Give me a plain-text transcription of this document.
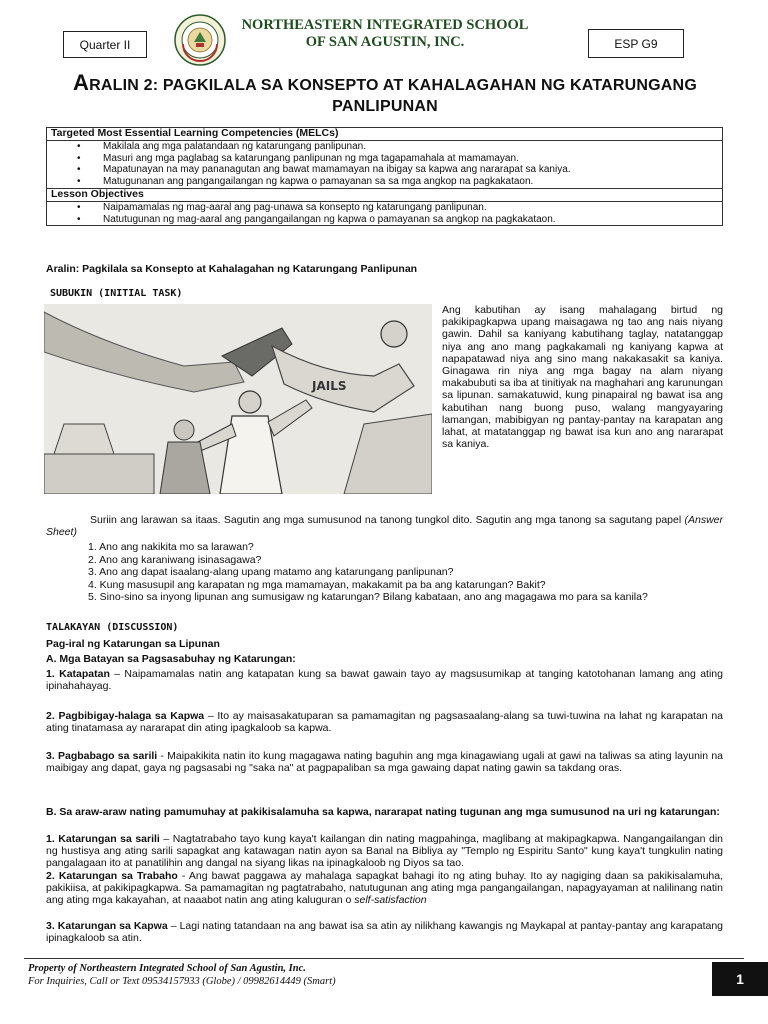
Quarter II
NORTHEASTERN INTEGRATED SCHOOL
OF SAN AGUSTIN, INC.	ESP G9
ARALIN 2: PAGKILALA SA KONSEPTO AT KAHALAGAHAN NG KATARUNGANG
PANLIPUNAN
Targeted Most Essential Learning Competencies (MELCs)

• Makilala ang mga palatandaan ng katarungang panlipunan.
• Masuri ang mga paglabag sa katarungang panlipunan ng mga tagapamahala at mamamayan.
• Mapatunayan na may pananagutan ang bawat mamamayan na ibigay sa kapwa ang nararapat sa kaniya.
• Matugunanan ang pangangailangan ng kapwa o pamayanan sa sa mga angkop na pagkakataon.

Lesson Objectives

• Naipamamalas ng mag-aaral ang pag-unawa sa konsepto ng katarungang panlipunan.
• Natutugunan ng mag-aaral ang pangangailangan ng kapwa o pamayanan sa angkop na pagkakataon.
Aralin: Pagkilala sa Konsepto at Kahalagahan ng Katarungang Panlipunan
SUBUKIN (INITIAL TASK)
JAILS
Ang kabutihan ay isang mahalagang birtud ng pakikipagkapwa upang maisagawa ng tao ang nais niyang gawin. Dahil sa kaniyang kabutihang taglay, natatanggap niya ang ano mang pagkakamali ng kaniyang kapwa at napapatawad niya ang sino mang nakakasakit sa kaniya. Ginagawa rin niya ang mga bagay na alam niyang makabubuti sa iba at tinitiyak na maghahari ang karunungan sa lipunan. samakatuwid, kung pinapairal ng bawat isa ang kabutihan nang buong puso, walang mangyayaring lamangan, mabibigyan ng pantay-pantay na karapatan ang lahat, at matatanggap ng bawat isa kun ano ang nararapat sa kaniya.
Suriin ang larawan sa itaas. Sagutin ang mga sumusunod na tanong tungkol dito. Sagutin ang mga tanong sa sagutang papel (Answer Sheet)
1. Ano ang nakikita mo sa larawan?
2. Ano ang karaniwang isinasagawa?
3. Ano ang dapat isaalang-alang upang matamo ang katarungang panlipunan?
4. Kung masusupil ang karapatan ng mga mamamayan, makakamit pa ba ang katarungan? Bakit?
5. Sino-sino sa inyong lipunan ang sumusigaw ng katarungan? Bilang kabataan, ano ang magagawa mo para sa kanila?
TALAKAYAN (DISCUSSION)
Pag-iral ng Katarungan sa Lipunan
A. Mga Batayan sa Pagsasabuhay ng Katarungan:
1. Katapatan – Naipamamalas natin ang katapatan kung sa bawat gawain tayo ay magsusumikap at tanging katotohanan lamang ang ating ipinahahayag.
2. Pagbibigay-halaga sa Kapwa – Ito ay maisasakatuparan sa pamamagitan ng pagsasaalang-alang sa tuwi-tuwina na lahat ng karapatan na ating tinatamasa ay nararapat din ating ipagkaloob sa kapwa.
3. Pagbabago sa sarili - Maipakikita natin ito kung magagawa nating baguhin ang mga kinagawiang ugali at gawi na taliwas sa ating layunin na maibigay ang dapat, gaya ng pagsasabi ng "saka na" at pagpapaliban sa mga gawaing dapat nating gawin sa takdang oras.
B. Sa araw-araw nating pamumuhay at pakikisalamuha sa kapwa, nararapat nating tugunan ang mga sumusunod na uri ng katarungan:
1. Katarungan sa sarili – Nagtatrabaho tayo kung kaya't kailangan din nating magpahinga, maglibang at makipagkapwa. Nangangailangan din ng hustisya ang ating sarili sapagkat ang katawagan natin ayon sa Banal na Bibliya ay "Templo ng Espiritu Santo" kung kaya't tungkulin nating pangalagaan ito at panatilihin ang dangal na siyang likas na ipinagkaloob ng Diyos sa tao.
2. Katarungan sa Trabaho - Ang bawat paggawa ay mahalaga sapagkat bahagi ito ng ating buhay. Ito ay nagiging daan sa pakikisalamuha, pakikiisa, at pakikipagkapwa. Sa pamamagitan ng pagtatrabaho, natutugunan ang ating mga pangangailangan, napagyayaman at nalilinang natin ang ating mga kakayahan, at naaabot natin ang ating kaluguran o self-satisfaction
3. Katarungan sa Kapwa – Lagi nating tatandaan na ang bawat isa sa atin ay nilikhang kawangis ng Maykapal at pantay-pantay ang karapatang ipinagkaloob sa atin.
Property of Northeastern Integrated School of San Agustin, Inc.
For Inquiries, Call or Text 09534157933 (Globe) / 09982614449 (Smart)	1
